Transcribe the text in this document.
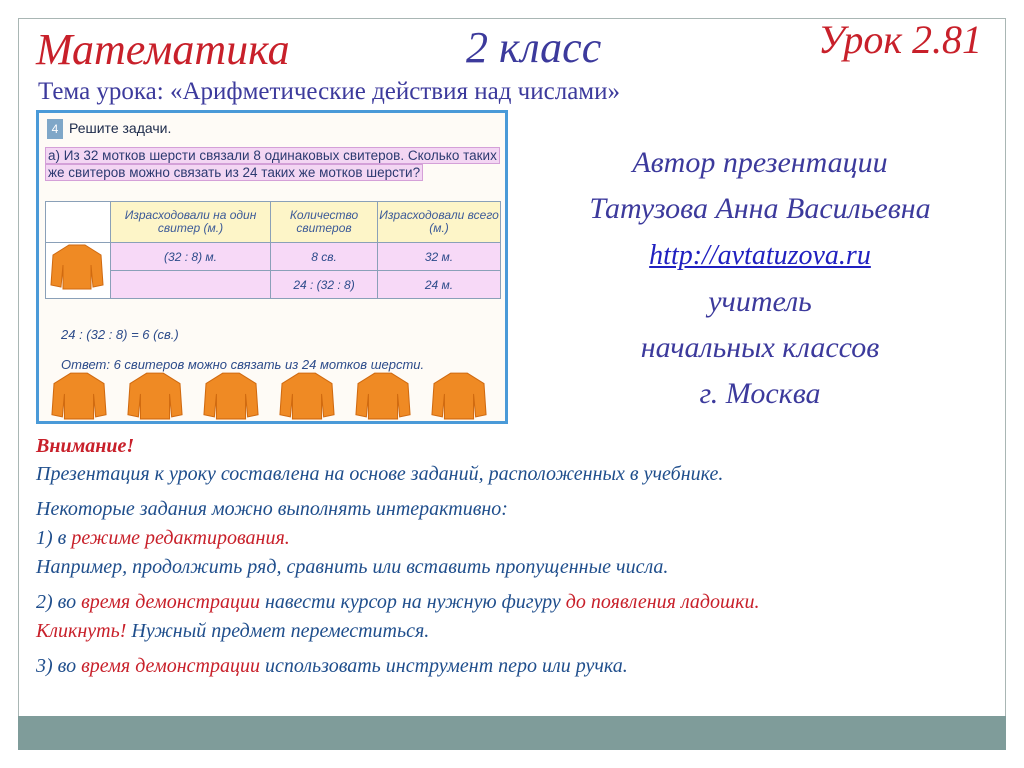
Математика	2 класс	Урок 2.81
Тема урока: «Арифметические действия над числами»
4 Решите задачи.
а) Из 32 мотков шерсти связали 8 одинаковых свитеров. Сколько таких
же свитеров можно связать из 24 таких же мотков шерсти?
	Израсходовали на один свитер (м.)	Количество свитеров	Израсходовали всего (м.)
	(32 : 8) м.	8 св.	32 м.
		24 : (32 : 8)	24 м.
24 : (32 : 8) = 6 (св.)
Ответ: 6 свитеров можно связать из 24 мотков шерсти.
Автор презентации
Татузова Анна Васильевна
http://avtatuzova.ru
учитель
начальных классов
г. Москва
Внимание!

Презентация к уроку составлена на основе заданий, расположенных в учебнике.

Некоторые задания можно выполнять интерактивно:
1) в режиме редактирования.
Например, продолжить ряд, сравнить или вставить пропущенные числа.

2) во время демонстрации навести курсор на нужную фигуру до появления ладошки.
Кликнуть! Нужный предмет переместиться.

3) во время демонстрации использовать инструмент перо или ручка.
